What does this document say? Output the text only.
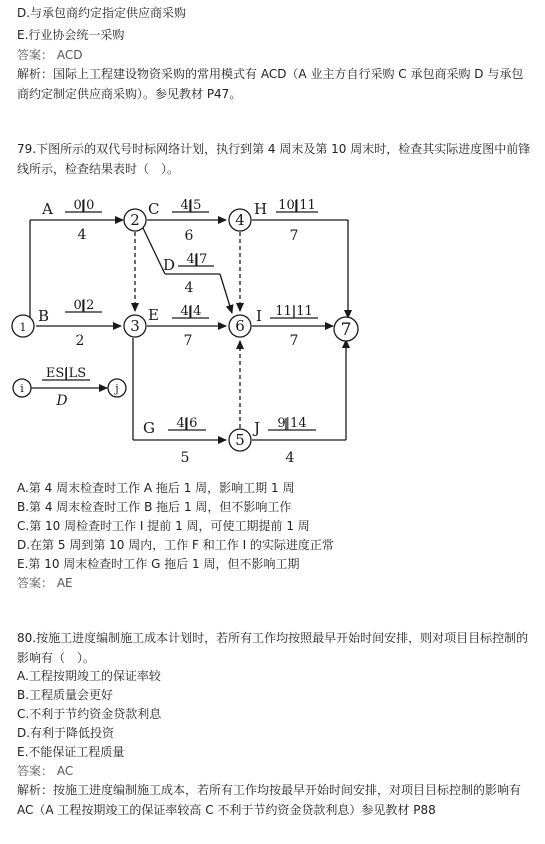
D.与承包商约定指定供应商采购
E.行业协会统一采购
答案： ACD
解析：国际上工程建设物资采购的常用模式有 ACD（A 业主方自行采购 C 承包商采购 D 与承包商约定制定供应商采购）。参见教材 P47。
79.下图所示的双代号时标网络计划，执行到第 4 周末及第 10 周末时，检查其实际进度图中前锋线所示，检查结果表时（　）。
1
2
3
4
5
6	7
i	j
A
B
C
D
E
G
H
I
J
0|0
0|2
4|5
4|7
4|4
4|6
10|11
11|11
9|14
ES|LS
4
2
6
4
7
5
7
7
4
D
A.第 4 周末检查时工作 A 拖后 1 周，影响工期 1 周
B.第 4 周末检查时工作 B 拖后 1 周，但不影响工作
C.第 10 周检查时工作 I 提前 1 周，可使工期提前 1 周
D.在第 5 周到第 10 周内，工作 F 和工作 I 的实际进度正常
E.第 10 周末检查时工作 G 拖后 1 周，但不影响工期
答案： AE
80.按施工进度编制施工成本计划时，若所有工作均按照最早开始时间安排，则对项目目标控制的影响有（　）。
A.工程按期竣工的保证率较
B.工程质量会更好
C.不利于节约资金贷款利息
D.有利于降低投资
E.不能保证工程质量
答案： AC
解析：按施工进度编制施工成本，若所有工作均按最早开始时间安排，对项目目标控制的影响有 AC（A 工程按期竣工的保证率较高 C 不利于节约资金贷款利息）参见教材 P88
